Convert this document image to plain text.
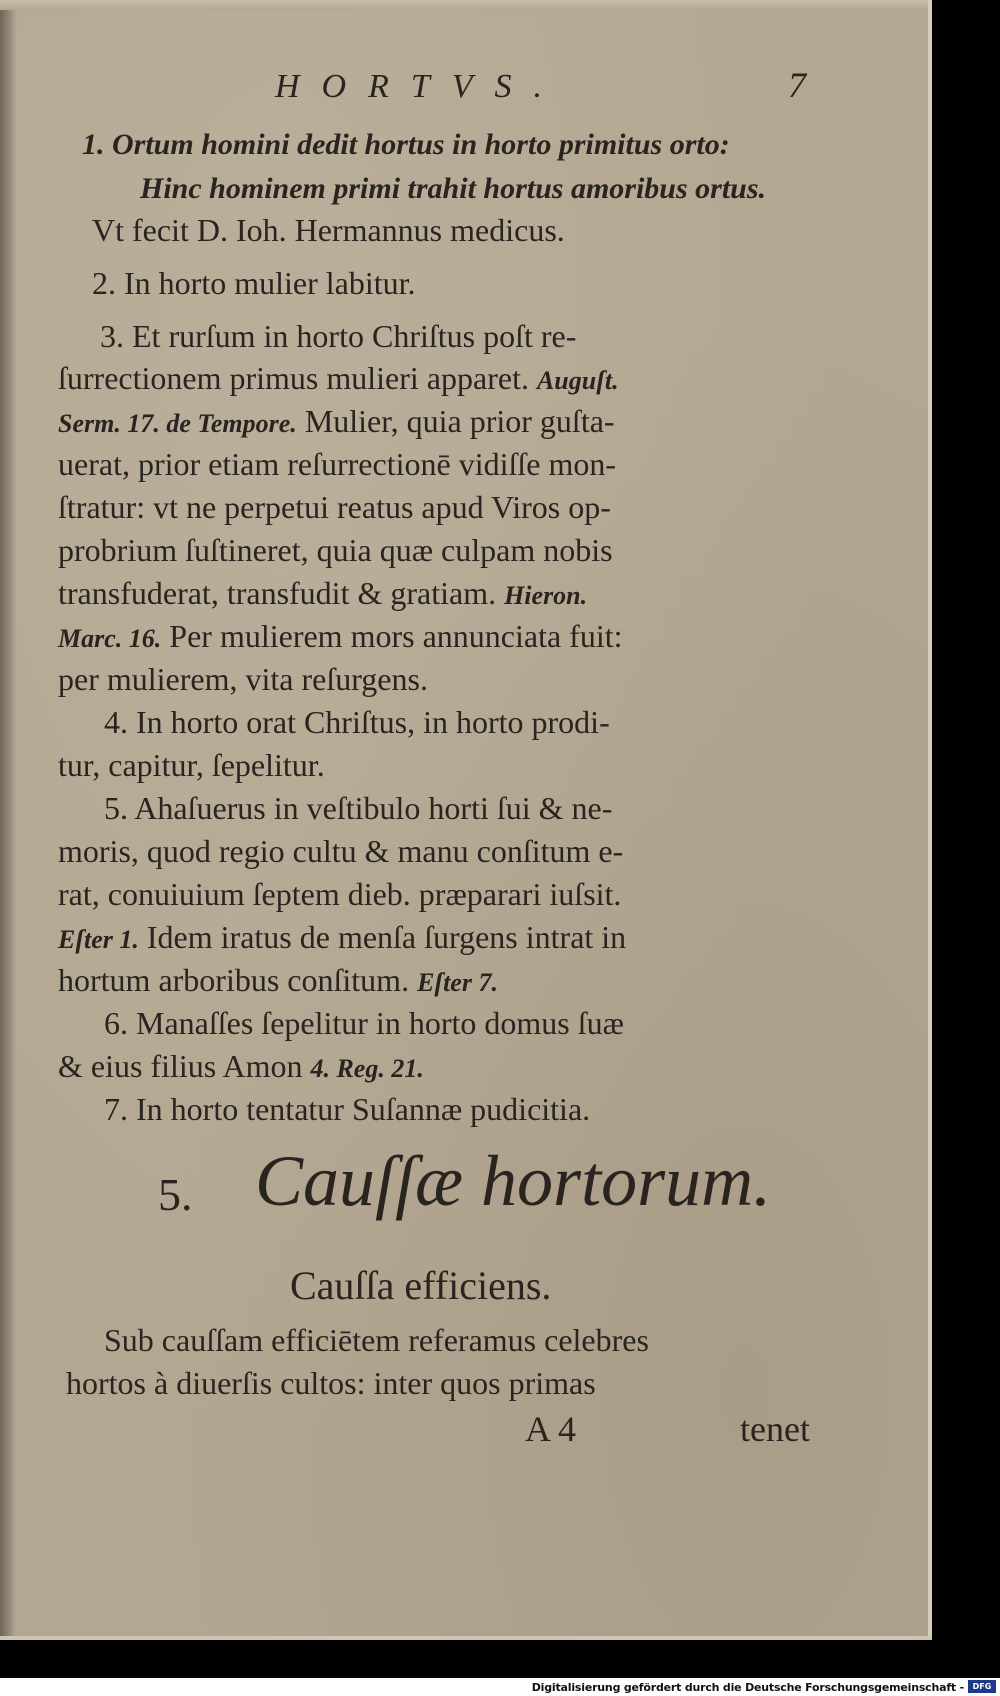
HORTVS.	7
1. Ortum homini dedit hortus in horto primitus orto:
Hinc hominem primi trahit hortus amoribus ortus.
Vt fecit D. Ioh. Hermannus medicus.
2. In horto mulier labitur.
3. Et rurſum in horto Chriſtus poſt re-
ſurrectionem primus mulieri apparet. Auguſt.
Serm. 17. de Tempore. Mulier, quia prior guſta-
uerat, prior etiam reſurrectionē vidiſſe mon-
ſtratur: vt ne perpetui reatus apud Viros op-
probrium ſuſtineret, quia quæ culpam nobis
transfuderat, transfudit & gratiam. Hieron.
Marc. 16. Per mulierem mors annunciata fuit:
per mulierem, vita reſurgens.
4. In horto orat Chriſtus, in horto prodi-
tur, capitur, ſepelitur.
5. Ahaſuerus in veſtibulo horti ſui & ne-
moris, quod regio cultu & manu conſitum e-
rat, conuiuium ſeptem dieb. præparari iuſsit.
Eſter 1. Idem iratus de menſa ſurgens intrat in
hortum arboribus conſitum. Eſter 7.
6. Manaſſes ſepelitur in horto domus ſuæ
& eius filius Amon 4. Reg. 21.
7. In horto tentatur Suſannæ pudicitia.
5. Cauſſæ hortorum.
Cauſſa efficiens.
Sub cauſſam efficiētem referamus celebres
hortos à diuerſis cultos: inter quos primas
A 4	tenet
Digitalisierung gefördert durch die Deutsche Forschungsgemeinschaft -	DFG
